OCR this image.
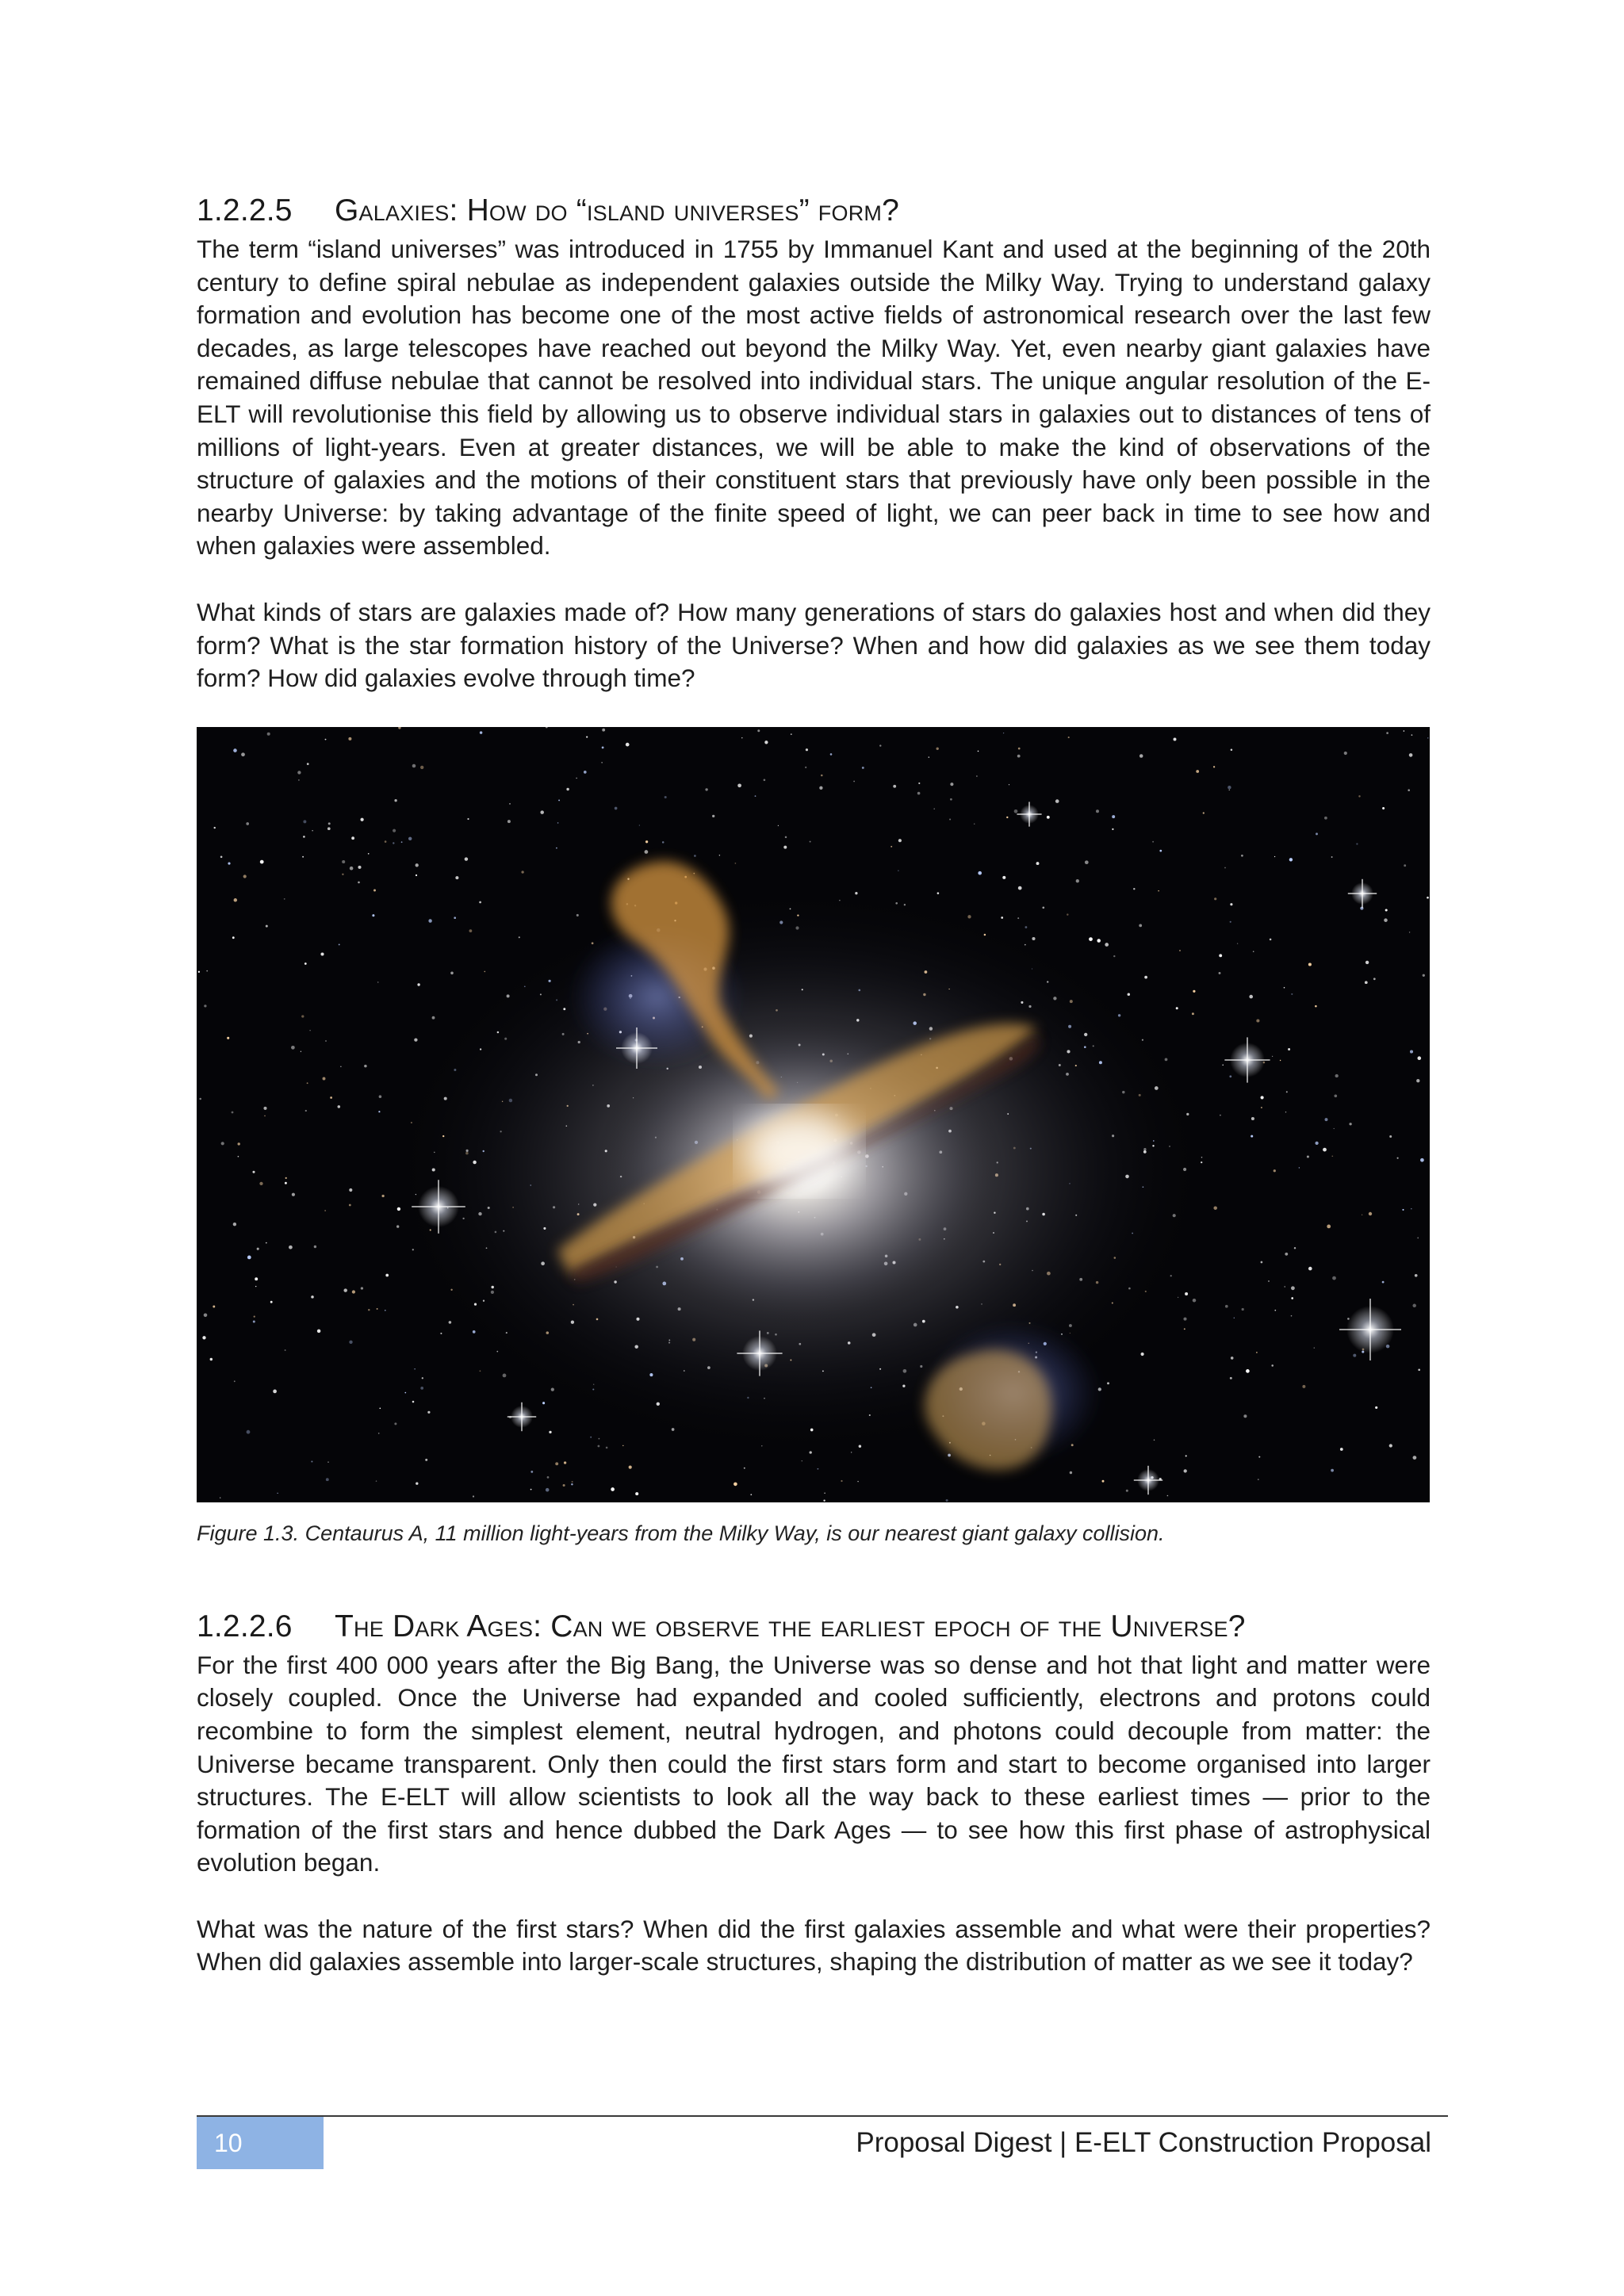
1.2.2.5 Galaxies: How do “island universes” form?

The term “island universes” was introduced in 1755 by Immanuel Kant and used at the beginning of the 20th century to define spiral nebulae as independent galaxies outside the Milky Way. Trying to understand galaxy formation and evolution has become one of the most active fields of astronomical research over the last few decades, as large telescopes have reached out beyond the Milky Way. Yet, even nearby giant galaxies have remained diffuse nebulae that cannot be resolved into individual stars. The unique angular resolution of the E-ELT will revolutionise this field by allowing us to observe individual stars in galaxies out to distances of tens of millions of light-years. Even at greater distances, we will be able to make the kind of observations of the structure of galaxies and the motions of their constituent stars that previously have only been possible in the nearby Universe: by taking advantage of the finite speed of light, we can peer back in time to see how and when galaxies were assembled.

What kinds of stars are galaxies made of? How many generations of stars do galaxies host and when did they form? What is the star formation history of the Universe? When and how did galaxies as we see them today form? How did galaxies evolve through time?

Figure 1.3. Centaurus A, 11 million light-years from the Milky Way, is our nearest giant galaxy collision.
1.2.2.6 The Dark Ages: Can we observe the earliest epoch of the Universe?

For the first 400 000 years after the Big Bang, the Universe was so dense and hot that light and matter were closely coupled. Once the Universe had expanded and cooled sufficiently, electrons and protons could recombine to form the simplest element, neutral hydrogen, and photons could decouple from matter: the Universe became transparent. Only then could the first stars form and start to become organised into larger structures. The E-ELT will allow scientists to look all the way back to these earliest times — prior to the formation of the first stars and hence dubbed the Dark Ages — to see how this first phase of astrophysical evolution began.

What was the nature of the first stars? When did the first galaxies assemble and what were their properties? When did galaxies assemble into larger-scale structures, shaping the distribution of matter as we see it today?

10	Proposal Digest | E-ELT Construction Proposal
